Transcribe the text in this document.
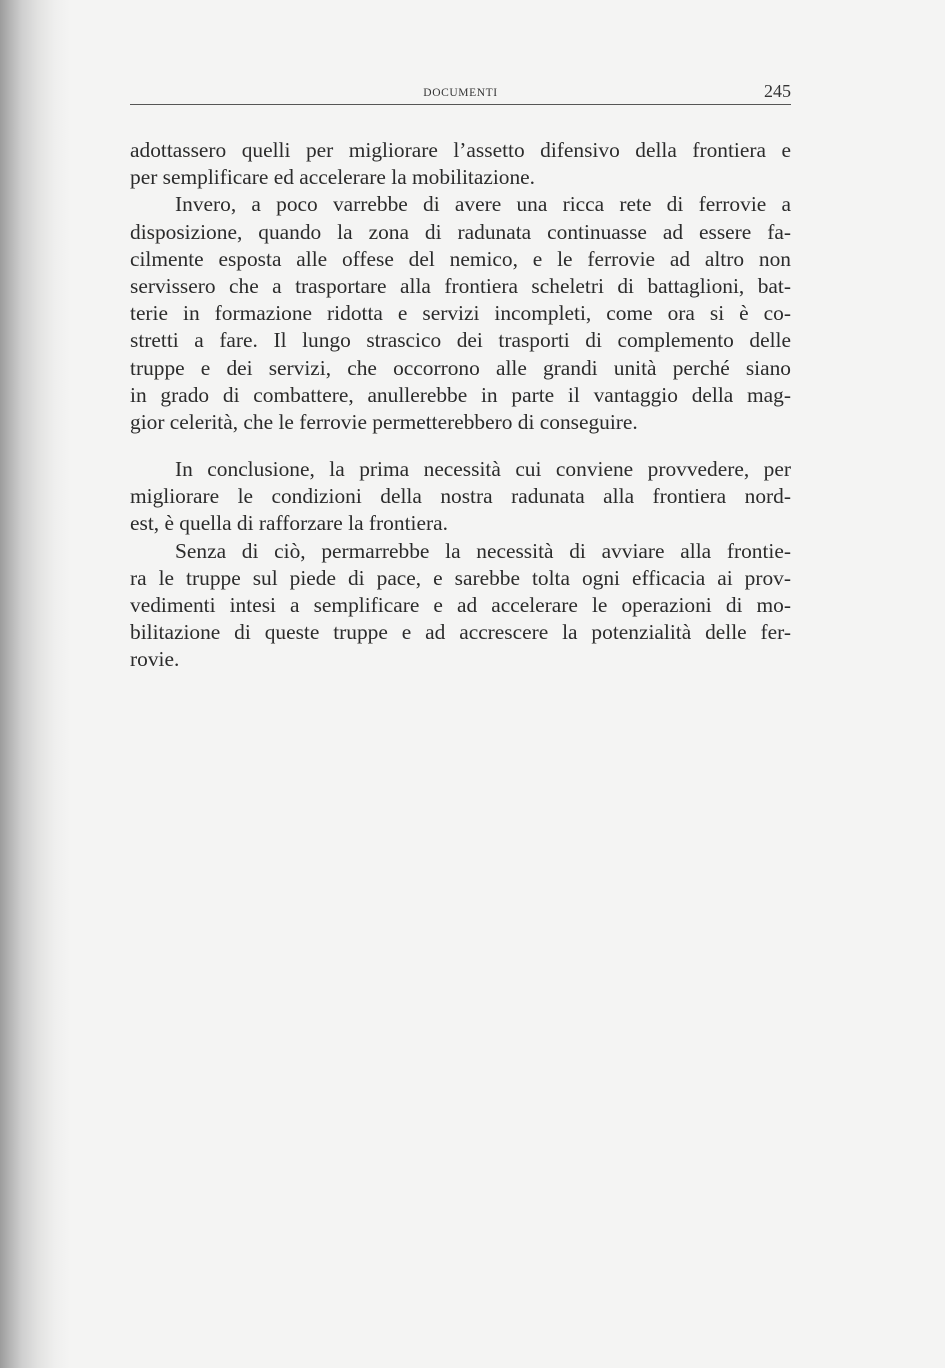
DOCUMENTI	245
adottassero quelli per migliorare l’assetto difensivo della frontiera e
per semplificare ed accelerare la mobilitazione.
Invero, a poco varrebbe di avere una ricca rete di ferrovie a
disposizione, quando la zona di radunata continuasse ad essere fa-
cilmente esposta alle offese del nemico, e le ferrovie ad altro non
servissero che a trasportare alla frontiera scheletri di battaglioni, bat-
terie in formazione ridotta e servizi incompleti, come ora si è co-
stretti a fare. Il lungo strascico dei trasporti di complemento delle
truppe e dei servizi, che occorrono alle grandi unità perché siano
in grado di combattere, anullerebbe in parte il vantaggio della mag-
gior celerità, che le ferrovie permetterebbero di conseguire.
In conclusione, la prima necessità cui conviene provvedere, per
migliorare le condizioni della nostra radunata alla frontiera nord-
est, è quella di rafforzare la frontiera.
Senza di ciò, permarrebbe la necessità di avviare alla frontie-
ra le truppe sul piede di pace, e sarebbe tolta ogni efficacia ai prov-
vedimenti intesi a semplificare e ad accelerare le operazioni di mo-
bilitazione di queste truppe e ad accrescere la potenzialità delle fer-
rovie.
